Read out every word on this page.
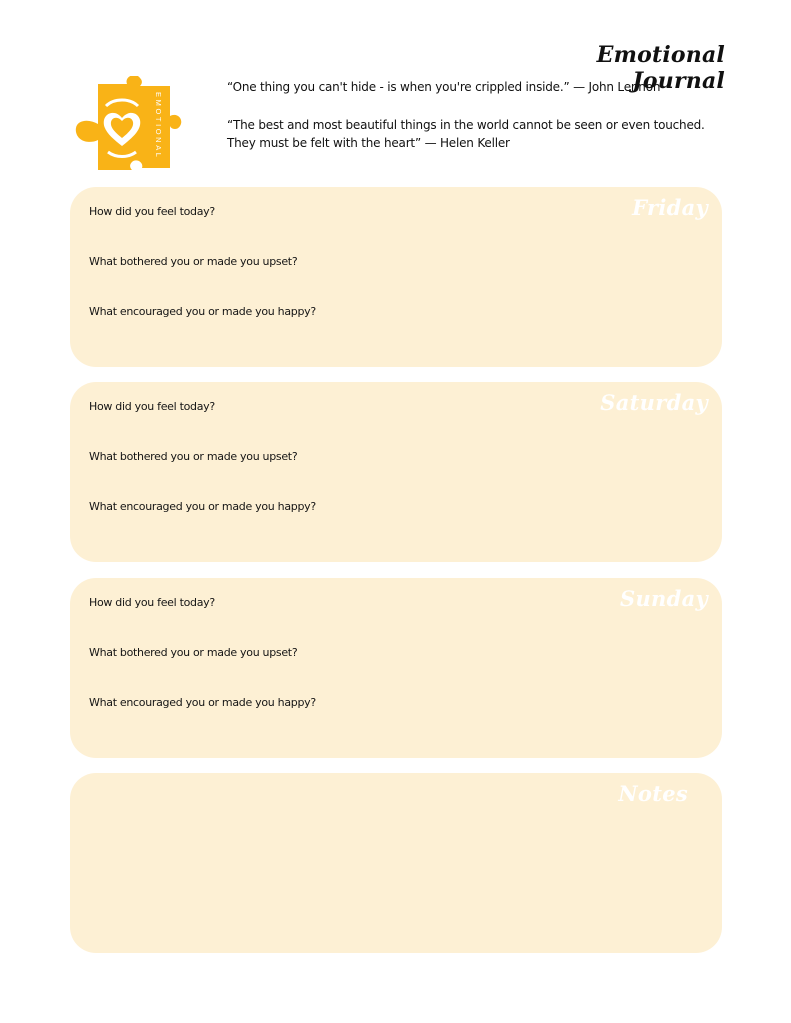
Emotional Journal
EMOTIONAL
“One thing you can't hide - is when you're crippled inside.” — John Lennon
“The best and most beautiful things in the world cannot be seen or even touched. They must be felt with the heart” — Helen Keller
Friday
How did you feel today?
What bothered you or made you upset?
What encouraged you or made you happy?
Saturday
How did you feel today?
What bothered you or made you upset?
What encouraged you or made you happy?
Sunday
How did you feel today?
What bothered you or made you upset?
What encouraged you or made you happy?
Notes
